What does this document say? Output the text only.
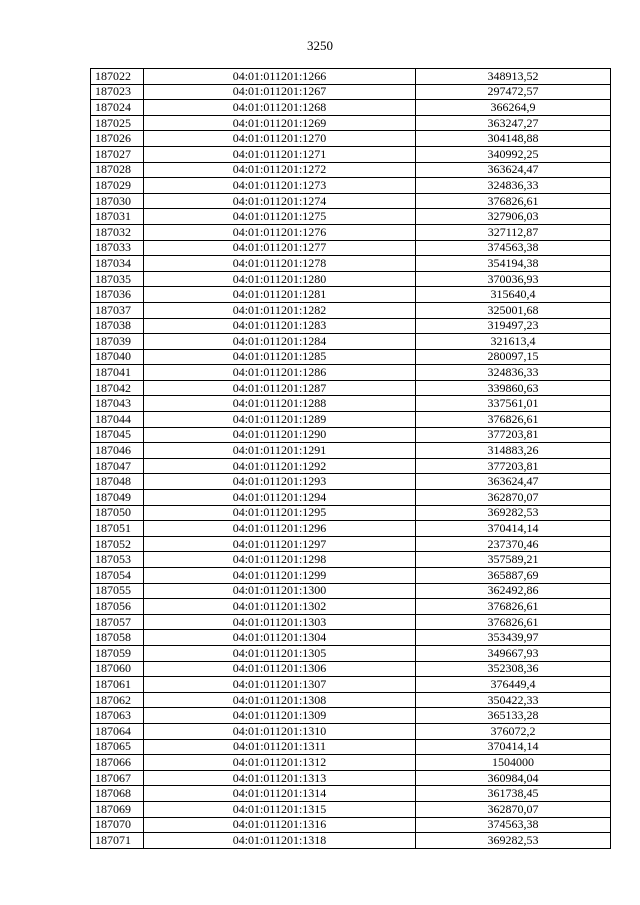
3250
187022	04:01:011201:1266	348913,52
187023	04:01:011201:1267	297472,57
187024	04:01:011201:1268	366264,9
187025	04:01:011201:1269	363247,27
187026	04:01:011201:1270	304148,88
187027	04:01:011201:1271	340992,25
187028	04:01:011201:1272	363624,47
187029	04:01:011201:1273	324836,33
187030	04:01:011201:1274	376826,61
187031	04:01:011201:1275	327906,03
187032	04:01:011201:1276	327112,87
187033	04:01:011201:1277	374563,38
187034	04:01:011201:1278	354194,38
187035	04:01:011201:1280	370036,93
187036	04:01:011201:1281	315640,4
187037	04:01:011201:1282	325001,68
187038	04:01:011201:1283	319497,23
187039	04:01:011201:1284	321613,4
187040	04:01:011201:1285	280097,15
187041	04:01:011201:1286	324836,33
187042	04:01:011201:1287	339860,63
187043	04:01:011201:1288	337561,01
187044	04:01:011201:1289	376826,61
187045	04:01:011201:1290	377203,81
187046	04:01:011201:1291	314883,26
187047	04:01:011201:1292	377203,81
187048	04:01:011201:1293	363624,47
187049	04:01:011201:1294	362870,07
187050	04:01:011201:1295	369282,53
187051	04:01:011201:1296	370414,14
187052	04:01:011201:1297	237370,46
187053	04:01:011201:1298	357589,21
187054	04:01:011201:1299	365887,69
187055	04:01:011201:1300	362492,86
187056	04:01:011201:1302	376826,61
187057	04:01:011201:1303	376826,61
187058	04:01:011201:1304	353439,97
187059	04:01:011201:1305	349667,93
187060	04:01:011201:1306	352308,36
187061	04:01:011201:1307	376449,4
187062	04:01:011201:1308	350422,33
187063	04:01:011201:1309	365133,28
187064	04:01:011201:1310	376072,2
187065	04:01:011201:1311	370414,14
187066	04:01:011201:1312	1504000
187067	04:01:011201:1313	360984,04
187068	04:01:011201:1314	361738,45
187069	04:01:011201:1315	362870,07
187070	04:01:011201:1316	374563,38
187071	04:01:011201:1318	369282,53
